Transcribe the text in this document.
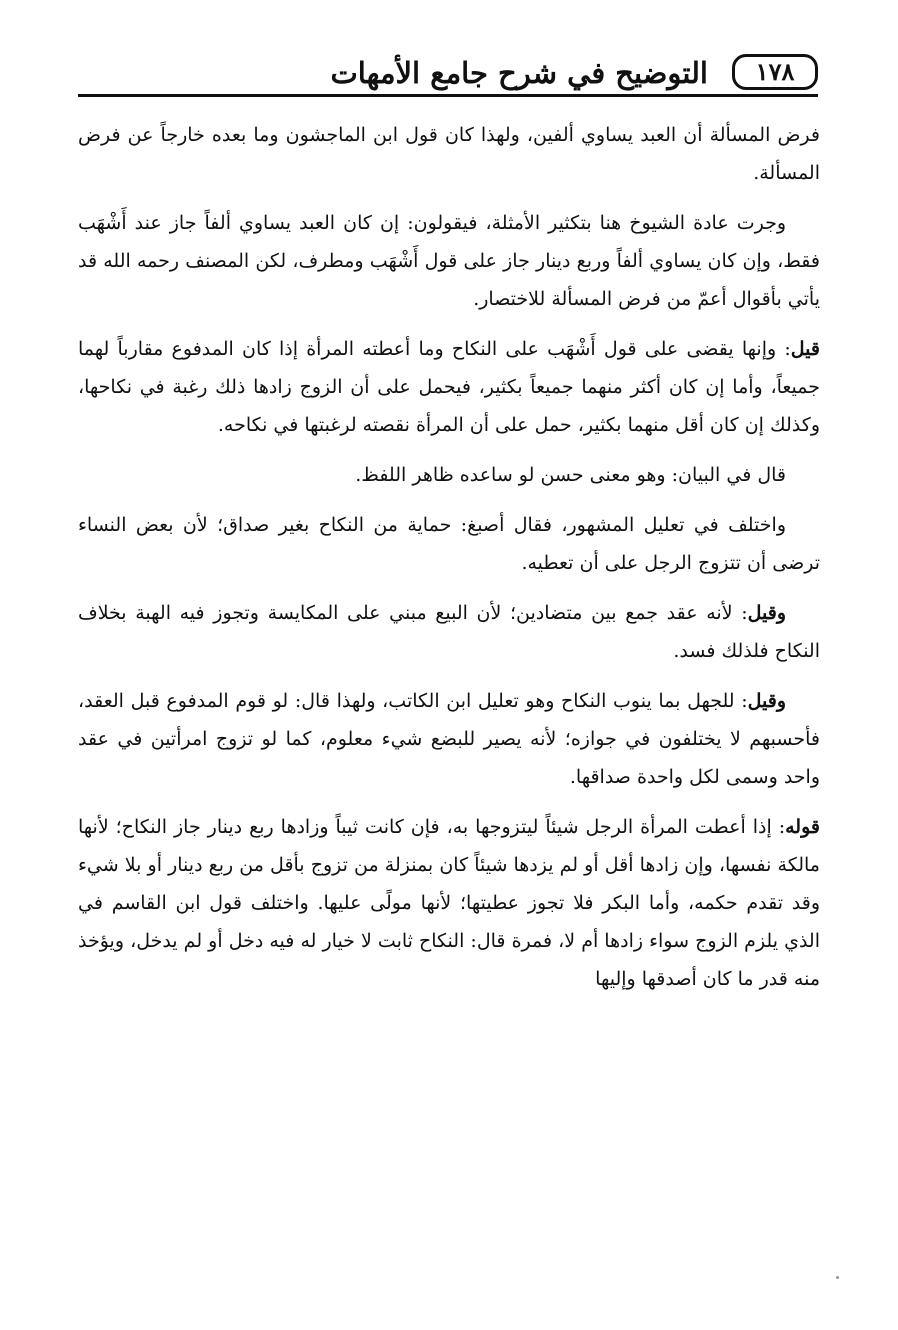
١٧٨
التوضيح في شرح جامع الأمهات

فرض المسألة أن العبد يساوي ألفين، ولهذا كان قول ابن الماجشون وما بعده خارجاً عن فرض المسألة.

وجرت عادة الشيوخ هنا بتكثير الأمثلة، فيقولون: إن كان العبد يساوي ألفاً جاز عند أَشْهَب فقط، وإن كان يساوي ألفاً وربع دينار جاز على قول أَشْهَب ومطرف، لكن المصنف رحمه الله قد يأتي بأقوال أعمّ من فرض المسألة للاختصار.

قيل: وإنها يقضى على قول أَشْهَب على النكاح وما أعطته المرأة إذا كان المدفوع مقارباً لهما جميعاً، وأما إن كان أكثر منهما جميعاً بكثير، فيحمل على أن الزوج زادها ذلك رغبة في نكاحها، وكذلك إن كان أقل منهما بكثير، حمل على أن المرأة نقصته لرغبتها في نكاحه.

قال في البيان: وهو معنى حسن لو ساعده ظاهر اللفظ.

واختلف في تعليل المشهور، فقال أصبغ: حماية من النكاح بغير صداق؛ لأن بعض النساء ترضى أن تتزوج الرجل على أن تعطيه.

وقيل: لأنه عقد جمع بين متضادين؛ لأن البيع مبني على المكايسة وتجوز فيه الهبة بخلاف النكاح فلذلك فسد.

وقيل: للجهل بما ينوب النكاح وهو تعليل ابن الكاتب، ولهذا قال: لو قوم المدفوع قبل العقد، فأحسبهم لا يختلفون في جوازه؛ لأنه يصير للبضع شيء معلوم، كما لو تزوج امرأتين في عقد واحد وسمى لكل واحدة صداقها.

قوله: إذا أعطت المرأة الرجل شيئاً ليتزوجها به، فإن كانت ثيباً وزادها ربع دينار جاز النكاح؛ لأنها مالكة نفسها، وإن زادها أقل أو لم يزدها شيئاً كان بمنزلة من تزوج بأقل من ربع دينار أو بلا شيء وقد تقدم حكمه، وأما البكر فلا تجوز عطيتها؛ لأنها مولًى عليها. واختلف قول ابن القاسم في الذي يلزم الزوج سواء زادها أم لا، فمرة قال: النكاح ثابت لا خيار له فيه دخل أو لم يدخل، ويؤخذ منه قدر ما كان أصدقها وإليها
